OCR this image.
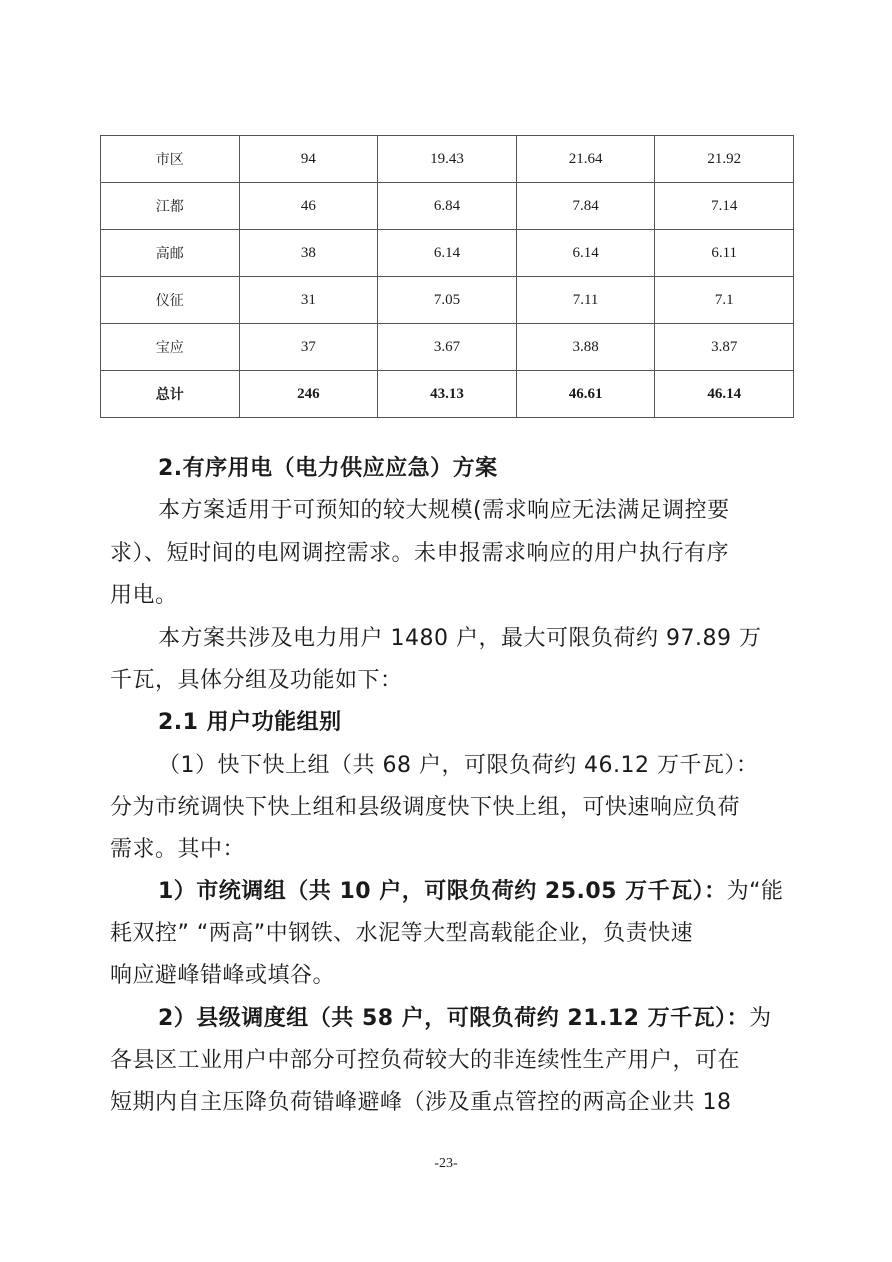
市区	94	19.43	21.64	21.92
江都	46	6.84	7.84	7.14
高邮	38	6.14	6.14	6.11
仪征	31	7.05	7.11	7.1
宝应	37	3.67	3.88	3.87
总计	246	43.13	46.61	46.14
2.有序用电（电力供应应急）方案
本方案适用于可预知的较大规模(需求响应无法满足调控要
求）、短时间的电网调控需求。未申报需求响应的用户执行有序
用电。
本方案共涉及电力用户 1480 户，最大可限负荷约 97.89 万
千瓦，具体分组及功能如下：
2.1 用户功能组别
（1）快下快上组（共 68 户，可限负荷约 46.12 万千瓦）：
分为市统调快下快上组和县级调度快下快上组，可快速响应负荷
需求。其中：
1）市统调组（共 10 户，可限负荷约 25.05 万千瓦）：为“能
耗双控” “两高”中钢铁、水泥等大型高载能企业，负责快速
响应避峰错峰或填谷。
2）县级调度组（共 58 户，可限负荷约 21.12 万千瓦）：为
各县区工业用户中部分可控负荷较大的非连续性生产用户，可在
短期内自主压降负荷错峰避峰（涉及重点管控的两高企业共 18
-23-
